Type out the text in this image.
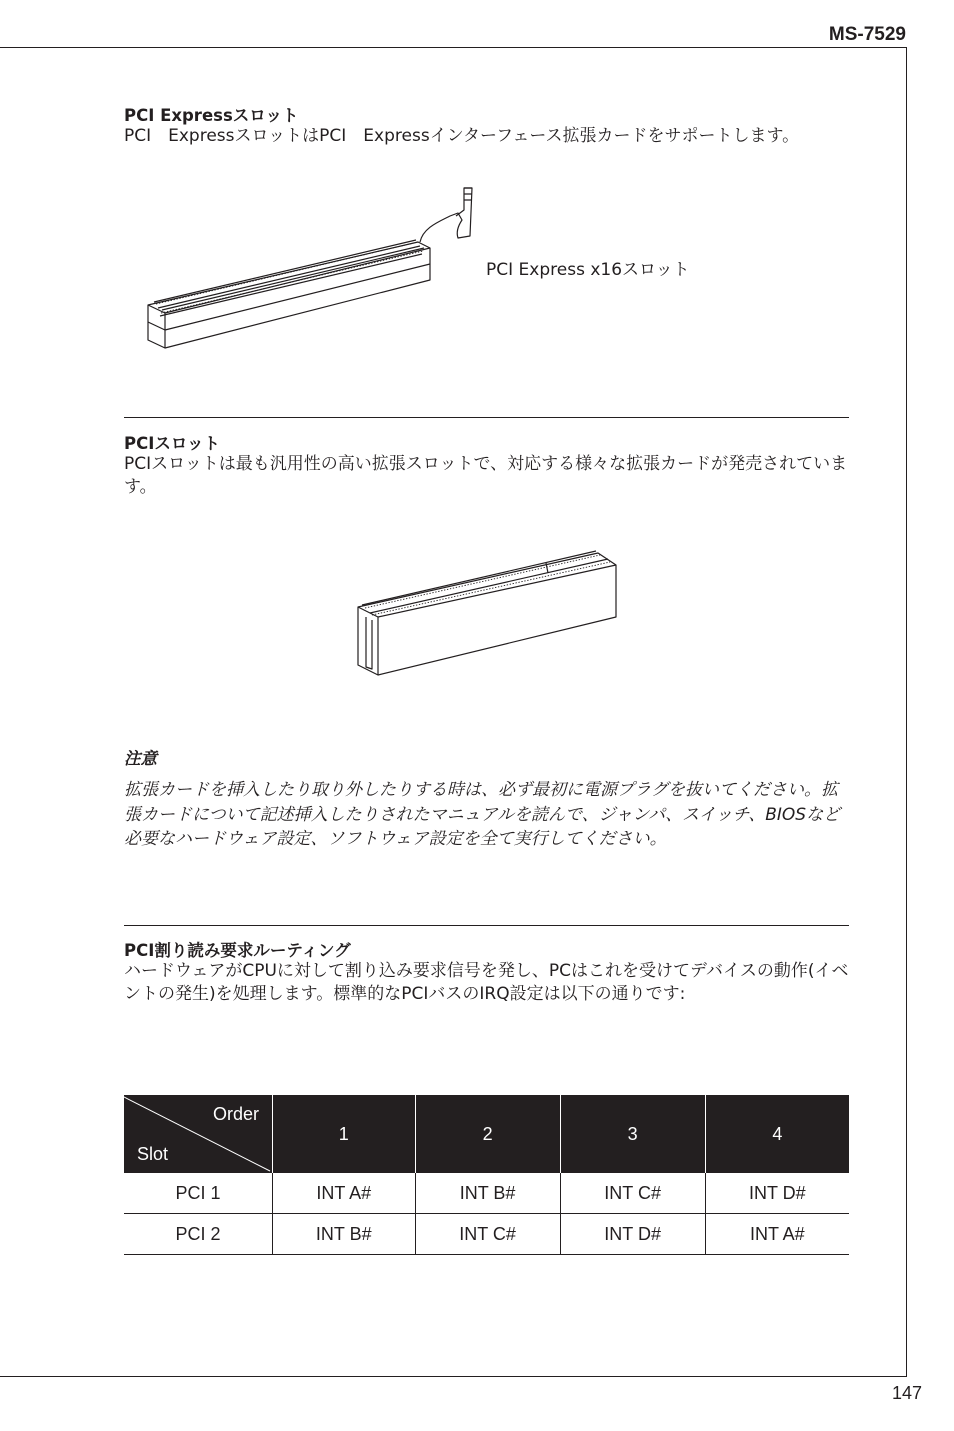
MS-7529
PCI Expressスロット

PCI　ExpressスロットはPCI　Expressインターフェース拡張カードをサポートします。

PCI Express x16スロット
PCIスロット

PCIスロットは最も汎用性の高い拡張スロットで、対応する様々な拡張カードが発売されています。

注意

拡張カードを挿入したり取り外したりする時は、必ず最初に電源プラグを抜いてください。拡張カードについて記述挿入したりされたマニュアルを読んで、ジャンパ、スイッチ、BIOSなど必要なハードウェア設定、ソフトウェア設定を全て実行してください。

PCI割り読み要求ルーティング

ハードウェアがCPUに対して割り込み要求信号を発し、PCはこれを受けてデバイスの動作(イベントの発生)を処理します。標準的なPCIバスのIRQ設定は以下の通りです:

Order
Slot	1	2	3	4
PCI 1	INT A#	INT B#	INT C#	INT D#
PCI 2	INT B#	INT C#	INT D#	INT A#
147
